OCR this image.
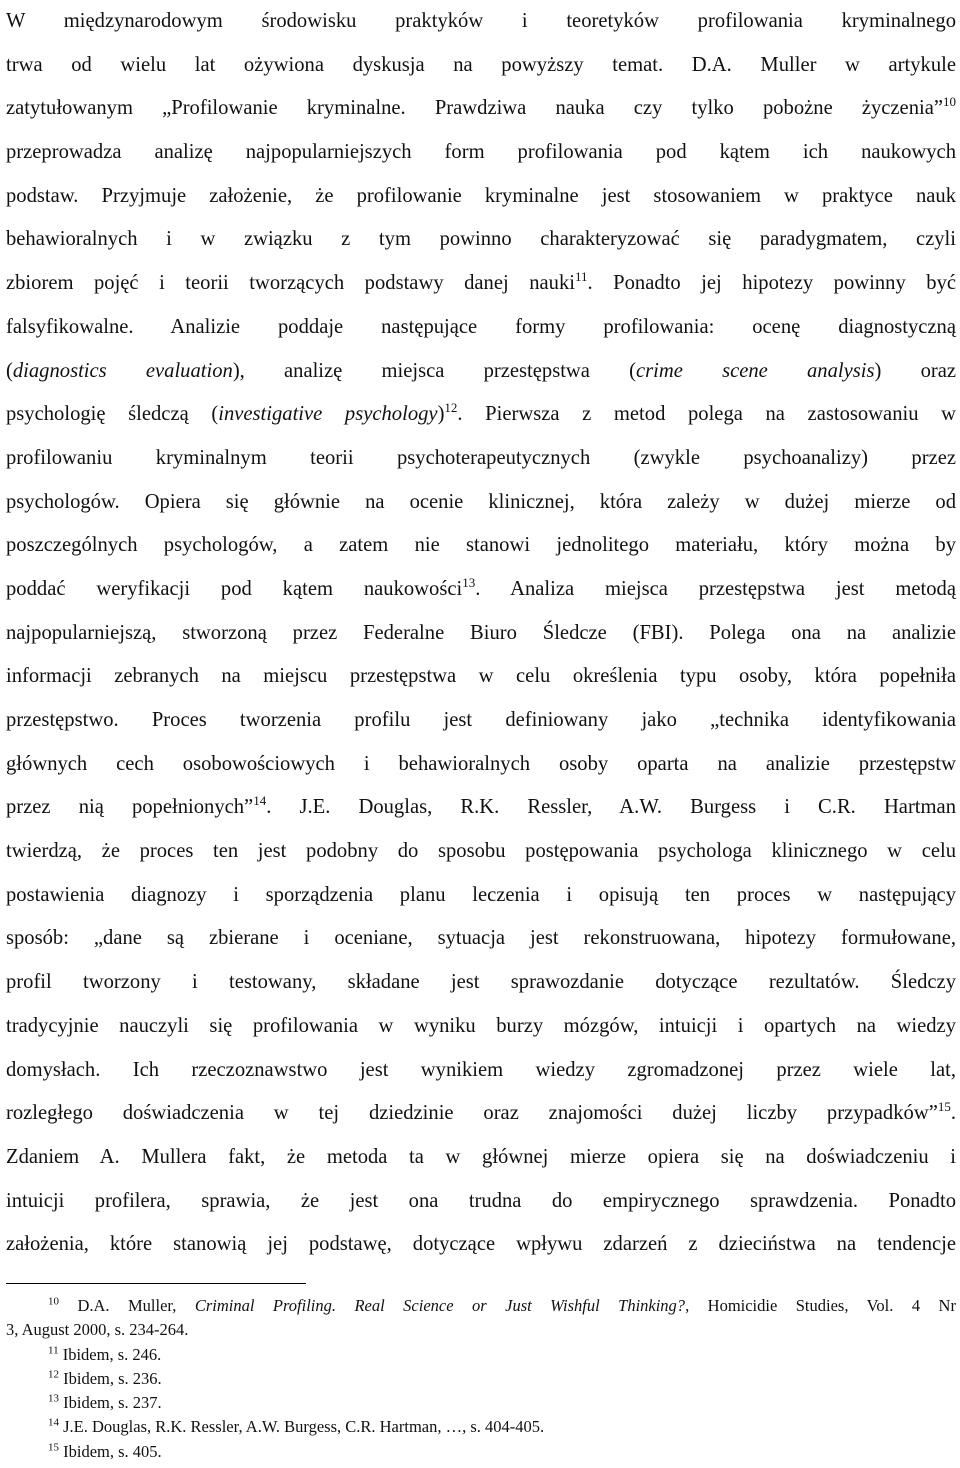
W międzynarodowym środowisku praktyków i teoretyków profilowania kryminalnego
trwa od wielu lat ożywiona dyskusja na powyższy temat. D.A. Muller w artykule
zatytułowanym „Profilowanie kryminalne. Prawdziwa nauka czy tylko pobożne życzenia”$^{10}$
przeprowadza analizę najpopularniejszych form profilowania pod kątem ich naukowych
podstaw. Przyjmuje założenie, że profilowanie kryminalne jest stosowaniem w praktyce nauk
behawioralnych i w związku z tym powinno charakteryzować się paradygmatem, czyli
zbiorem pojęć i teorii tworzących podstawy danej nauki$^{11}$. Ponadto jej hipotezy powinny być
falsyfikowalne. Analizie poddaje następujące formy profilowania: ocenę diagnostyczną
(diagnostics evaluation), analizę miejsca przestępstwa (crime scene analysis) oraz
psychologię śledczą (investigative psychology)$^{12}$. Pierwsza z metod polega na zastosowaniu w
profilowaniu kryminalnym teorii psychoterapeutycznych (zwykle psychoanalizy) przez
psychologów. Opiera się głównie na ocenie klinicznej, która zależy w dużej mierze od
poszczególnych psychologów, a zatem nie stanowi jednolitego materiału, który można by
poddać weryfikacji pod kątem naukowości$^{13}$. Analiza miejsca przestępstwa jest metodą
najpopularniejszą, stworzoną przez Federalne Biuro Śledcze (FBI). Polega ona na analizie
informacji zebranych na miejscu przestępstwa w celu określenia typu osoby, która popełniła
przestępstwo. Proces tworzenia profilu jest definiowany jako „technika identyfikowania
głównych cech osobowościowych i behawioralnych osoby oparta na analizie przestępstw
przez nią popełnionych”$^{14}$. J.E. Douglas, R.K. Ressler, A.W. Burgess i C.R. Hartman
twierdzą, że proces ten jest podobny do sposobu postępowania psychologa klinicznego w celu
postawienia diagnozy i sporządzenia planu leczenia i opisują ten proces w następujący
sposób: „dane są zbierane i oceniane, sytuacja jest rekonstruowana, hipotezy formułowane,
profil tworzony i testowany, składane jest sprawozdanie dotyczące rezultatów. Śledczy
tradycyjnie nauczyli się profilowania w wyniku burzy mózgów, intuicji i opartych na wiedzy
domysłach. Ich rzeczoznawstwo jest wynikiem wiedzy zgromadzonej przez wiele lat,
rozległego doświadczenia w tej dziedzinie oraz znajomości dużej liczby przypadków”$^{15}$.
Zdaniem A. Mullera fakt, że metoda ta w głównej mierze opiera się na doświadczeniu i
intuicji profilera, sprawia, że jest ona trudna do empirycznego sprawdzenia. Ponadto
założenia, które stanowią jej podstawę, dotyczące wpływu zdarzeń z dzieciństwa na tendencje
$^{10}$ D.A. Muller, Criminal Profiling. Real Science or Just Wishful Thinking?, Homicidie Studies, Vol. 4 Nr
3, August 2000, s. 234-264.
$^{11}$ Ibidem, s. 246.
$^{12}$ Ibidem, s. 236.
$^{13}$ Ibidem, s. 237.
$^{14}$ J.E. Douglas, R.K. Ressler, A.W. Burgess, C.R. Hartman, …, s. 404-405.
$^{15}$ Ibidem, s. 405.
